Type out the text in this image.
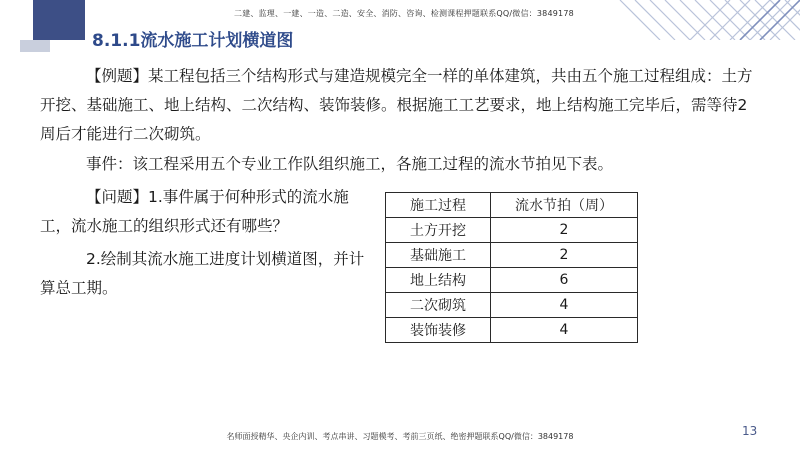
二建、监理、一建、一造、二造、安全、消防、咨询、检测课程押题联系QQ/微信：3849178
8.1.1流水施工计划横道图
【例题】某工程包括三个结构形式与建造规模完全一样的单体建筑，共由五个施工过程组成：土方开挖、基础施工、地上结构、二次结构、装饰装修。根据施工工艺要求，地上结构施工完毕后，需等待2周后才能进行二次砌筑。
事件：该工程采用五个专业工作队组织施工，各施工过程的流水节拍见下表。
【问题】1.事件属于何种形式的流水施工，流水施工的组织形式还有哪些？
2.绘制其流水施工进度计划横道图，并计算总工期。
施工过程	流水节拍（周）
土方开挖	2
基础施工	2
地上结构	6
二次砌筑	4
装饰装修	4
13
名师面授精华、央企内训、考点串讲、习题模考、考前三页纸、绝密押题联系QQ/微信：3849178
